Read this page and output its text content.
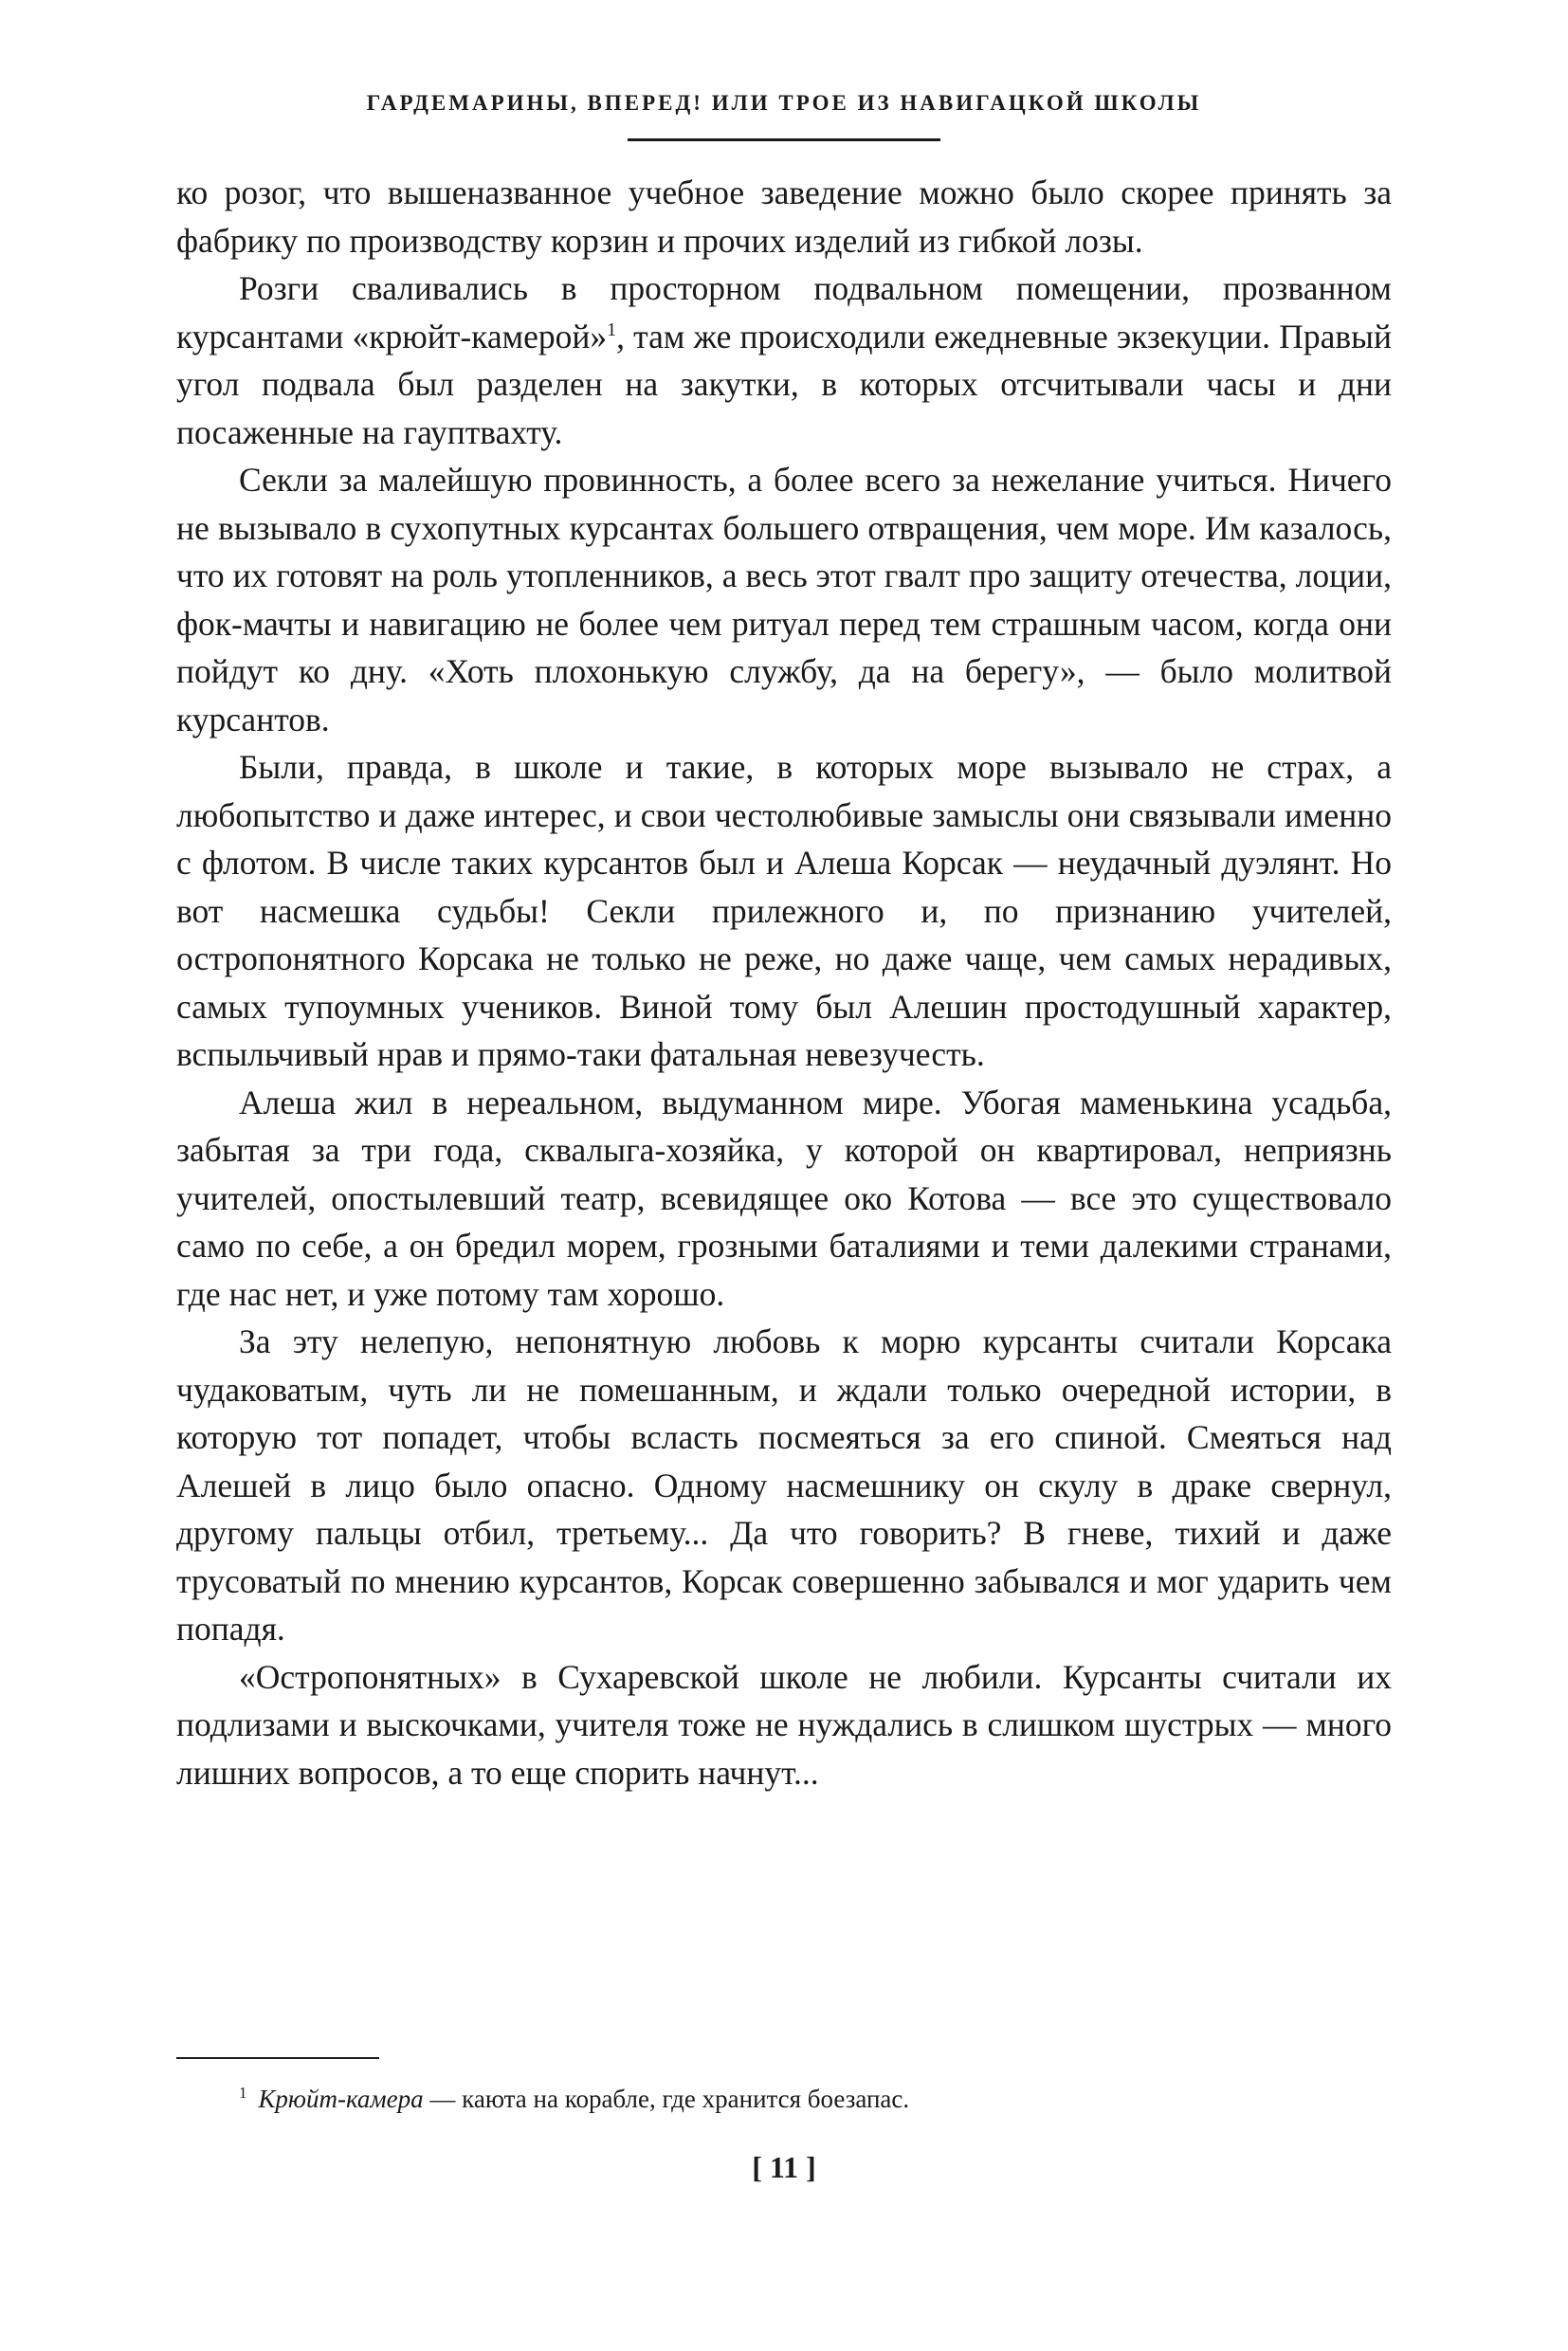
ГАРДЕМАРИНЫ, ВПЕРЕД! ИЛИ ТРОЕ ИЗ НАВИГАЦКОЙ ШКОЛЫ

ко розог, что вышеназванное учебное заведение можно было скорее принять за фабрику по производству корзин и прочих изделий из гибкой лозы.

Розги сваливались в просторном подвальном помещении, прозванном курсантами «крюйт-камерой»$^1$, там же происходили ежедневные экзекуции. Правый угол подвала был разделен на закутки, в которых отсчитывали часы и дни посаженные на гауптвахту.

Секли за малейшую провинность, а более всего за нежелание учиться. Ничего не вызывало в сухопутных курсантах большего отвращения, чем море. Им казалось, что их готовят на роль утопленников, а весь этот гвалт про защиту отечества, лоции, фок-мачты и навигацию не более чем ритуал перед тем страшным часом, когда они пойдут ко дну. «Хоть плохонькую службу, да на берегу», — было молитвой курсантов.

Были, правда, в школе и такие, в которых море вызывало не страх, а любопытство и даже интерес, и свои честолюбивые замыслы они связывали именно с флотом. В числе таких курсантов был и Алеша Корсак — неудачный дуэлянт. Но вот насмешка судьбы! Секли прилежного и, по признанию учителей, остропонятного Корсака не только не реже, но даже чаще, чем самых нерадивых, самых тупоумных учеников. Виной тому был Алешин простодушный характер, вспыльчивый нрав и прямо-таки фатальная невезучесть.

Алеша жил в нереальном, выдуманном мире. Убогая маменькина усадьба, забытая за три года, сквалыга-хозяйка, у которой он квартировал, неприязнь учителей, опостылевший театр, всевидящее око Котова — все это существовало само по себе, а он бредил морем, грозными баталиями и теми далекими странами, где нас нет, и уже потому там хорошо.

За эту нелепую, непонятную любовь к морю курсанты считали Корсака чудаковатым, чуть ли не помешанным, и ждали только очередной истории, в которую тот попадет, чтобы всласть посмеяться за его спиной. Смеяться над Алешей в лицо было опасно. Одному насмешнику он скулу в драке свернул, другому пальцы отбил, третьему... Да что говорить? В гневе, тихий и даже трусоватый по мнению курсантов, Корсак совершенно забывался и мог ударить чем попадя.

«Остропонятных» в Сухаревской школе не любили. Курсанты считали их подлизами и выскочками, учителя тоже не нуждались в слишком шустрых — много лишних вопросов, а то еще спорить начнут...

$^1$ Крюйт-камера — каюта на корабле, где хранится боезапас.
[ 11 ]
